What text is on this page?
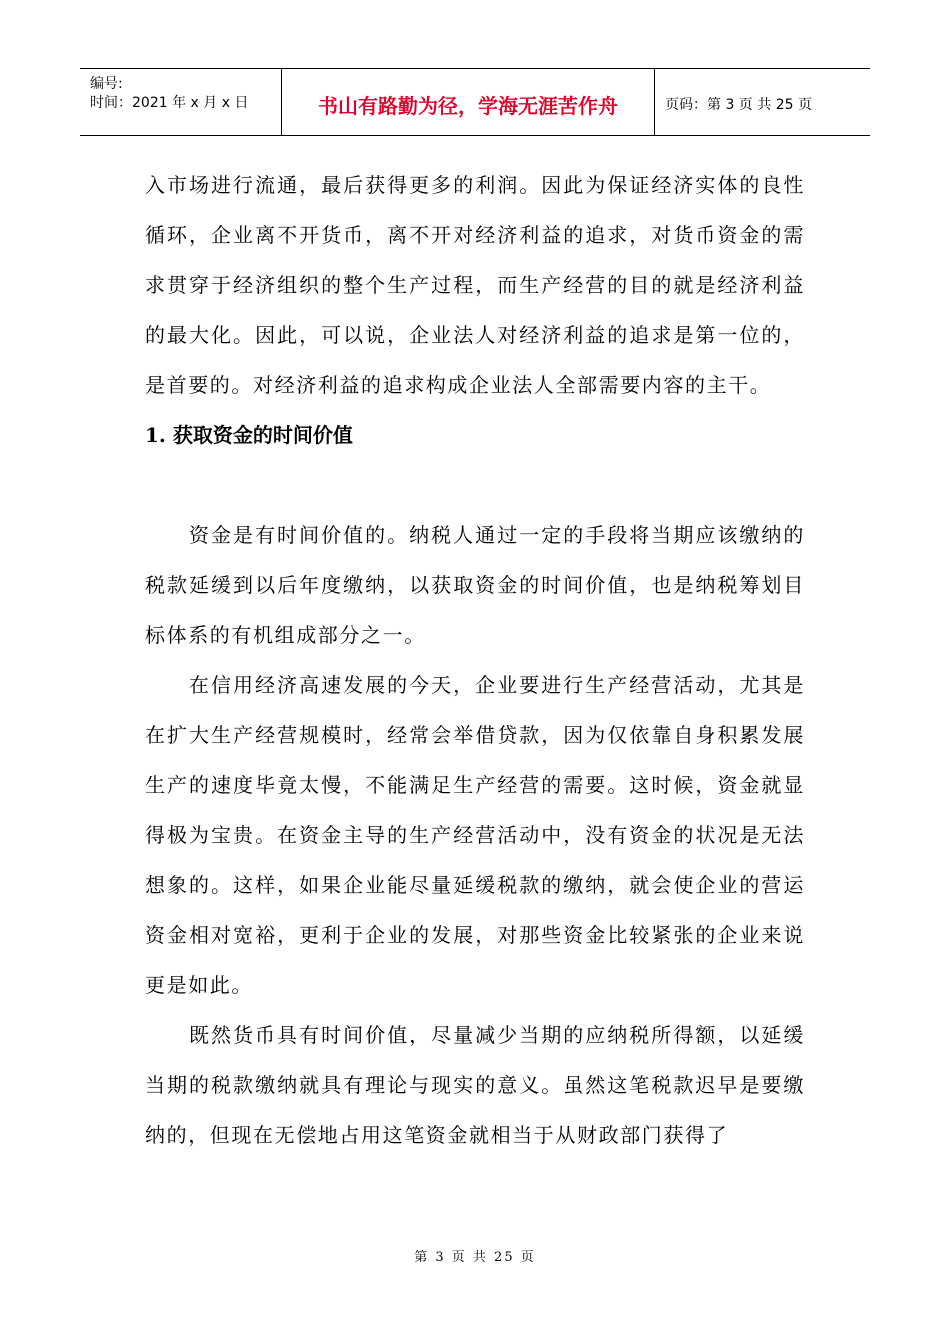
编号:
时间：2021 年 x 月 x 日	书山有路勤为径，学海无涯苦作舟	页码：第 3 页 共 25 页

入市场进行流通，最后获得更多的利润。因此为保证经济实体的良性循环，企业离不开货币，离不开对经济利益的追求，对货币资金的需求贯穿于经济组织的整个生产过程，而生产经营的目的就是经济利益的最大化。因此，可以说，企业法人对经济利益的追求是第一位的，是首要的。对经济利益的追求构成企业法人全部需要内容的主干。

1. 获取资金的时间价值

资金是有时间价值的。纳税人通过一定的手段将当期应该缴纳的税款延缓到以后年度缴纳，以获取资金的时间价值，也是纳税筹划目标体系的有机组成部分之一。

在信用经济高速发展的今天，企业要进行生产经营活动，尤其是在扩大生产经营规模时，经常会举借贷款，因为仅依靠自身积累发展生产的速度毕竟太慢，不能满足生产经营的需要。这时候，资金就显得极为宝贵。在资金主导的生产经营活动中，没有资金的状况是无法想象的。这样，如果企业能尽量延缓税款的缴纳，就会使企业的营运资金相对宽裕，更利于企业的发展，对那些资金比较紧张的企业来说更是如此。

既然货币具有时间价值，尽量减少当期的应纳税所得额，以延缓当期的税款缴纳就具有理论与现实的意义。虽然这笔税款迟早是要缴纳的，但现在无偿地占用这笔资金就相当于从财政部门获得了

第 3 页 共 25 页
